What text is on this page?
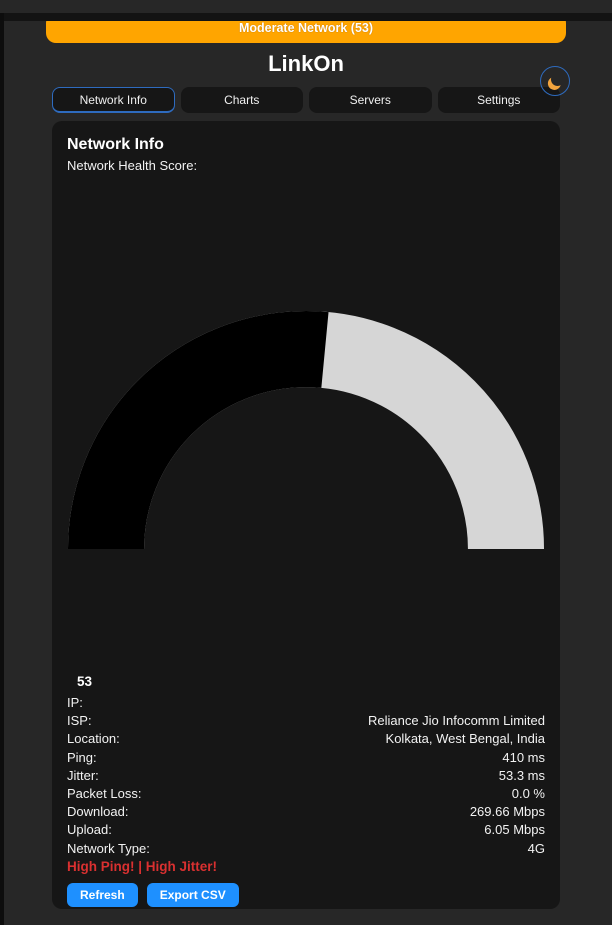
Moderate Network (53)
LinkOn
Network Info	Charts	Servers	Settings
Network Info
Network Health Score:
53
IP:
ISP:	Reliance Jio Infocomm Limited
Location:	Kolkata, West Bengal, India
Ping:	410 ms
Jitter:	53.3 ms
Packet Loss:	0.0 %
Download:	269.66 Mbps
Upload:	6.05 Mbps
Network Type:	4G
High Ping! | High Jitter!
Refresh	Export CSV
